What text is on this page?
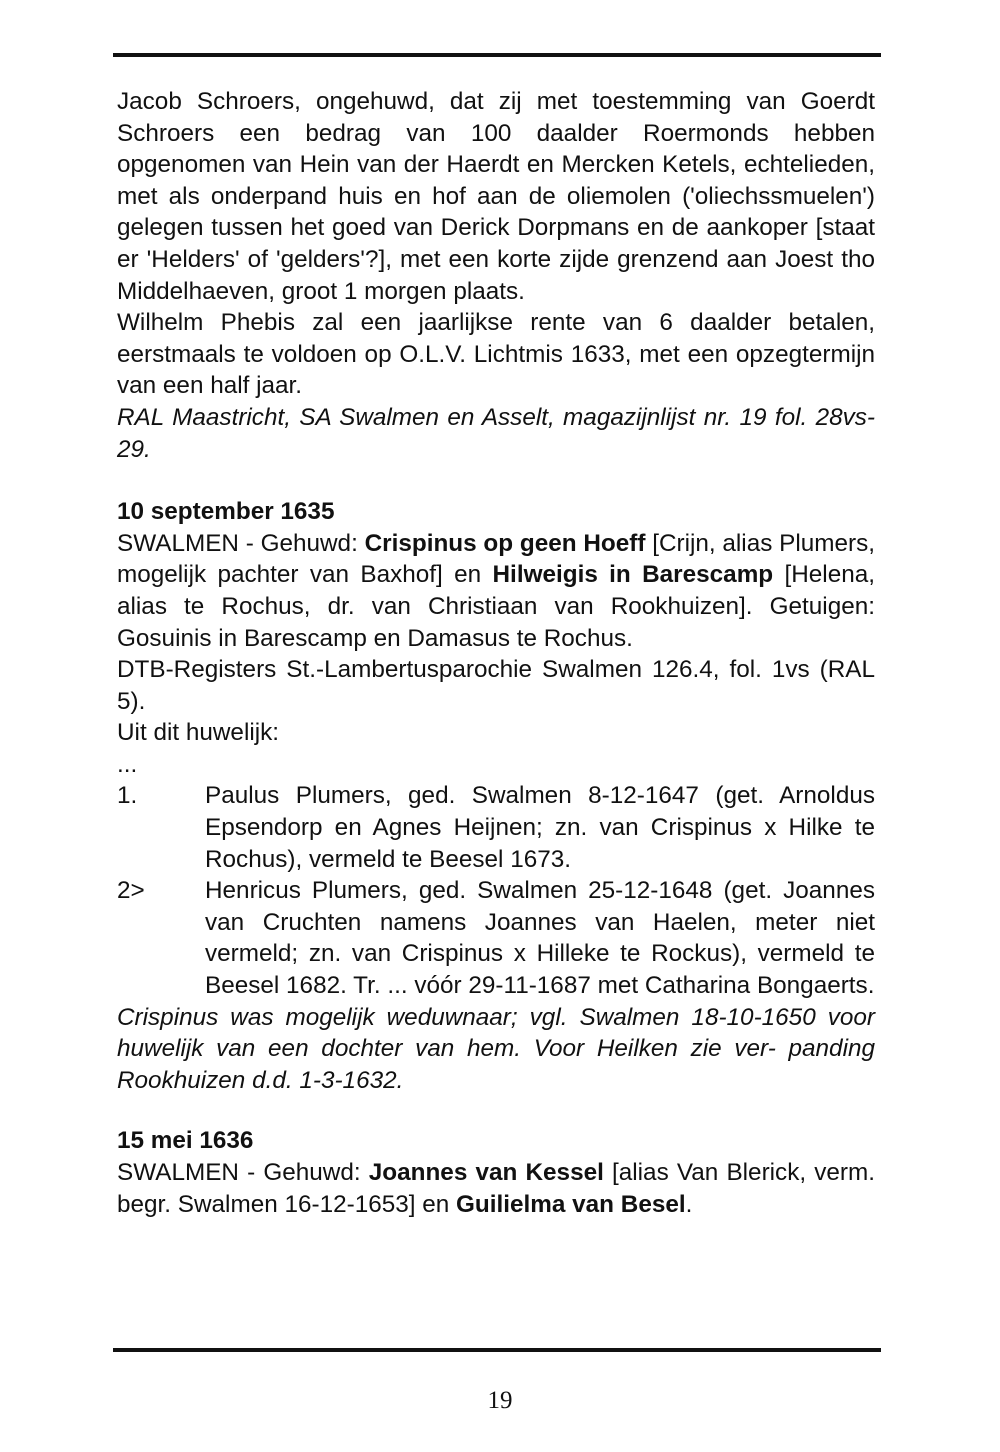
Jacob Schroers, ongehuwd, dat zij met toestemming van Goerdt Schroers een bedrag van 100 daalder Roermonds hebben opgenomen van Hein van der Haerdt en Mercken Ketels, echtelieden, met als onderpand huis en hof aan de oliemolen ('oliechssmuelen') gelegen tussen het goed van Derick Dorpmans en de aankoper [staat er 'Helders' of 'gelders'?], met een korte zijde grenzend aan Joest tho Middelhaeven, groot 1 morgen plaats.

Wilhelm Phebis zal een jaarlijkse rente van 6 daalder betalen, eerstmaals te voldoen op O.L.V. Lichtmis 1633, met een opzegtermijn van een half jaar.

RAL Maastricht, SA Swalmen en Asselt, magazijnlijst nr. 19 fol. 28vs-29.

10 september 1635

SWALMEN - Gehuwd: Crispinus op geen Hoeff [Crijn, alias Plumers, mogelijk pachter van Baxhof] en Hilweigis in Barescamp [Helena, alias te Rochus, dr. van Christiaan van Rookhuizen]. Getuigen: Gosuinis in Barescamp en Damasus te Rochus.

DTB-Registers St.-Lambertusparochie Swalmen 126.4, fol. 1vs (RAL 5).

Uit dit huwelijk:

...

1.	Paulus Plumers, ged. Swalmen 8-12-1647 (get. Arnoldus Epsendorp en Agnes Heijnen; zn. van Crispinus x Hilke te Rochus), vermeld te Beesel 1673.
2>	Henricus Plumers, ged. Swalmen 25-12-1648 (get. Joannes van Cruchten namens Joannes van Haelen, meter niet vermeld; zn. van Crispinus x Hilleke te Rockus), vermeld te Beesel 1682. Tr. ... vóór 29-11-1687 met Catharina Bongaerts.

Crispinus was mogelijk weduwnaar; vgl. Swalmen 18-10-1650 voor huwelijk van een dochter van hem. Voor Heilken zie ver- panding Rookhuizen d.d. 1-3-1632.

15 mei 1636

SWALMEN - Gehuwd: Joannes van Kessel [alias Van Blerick, verm. begr. Swalmen 16-12-1653] en Guilielma van Besel.

19
